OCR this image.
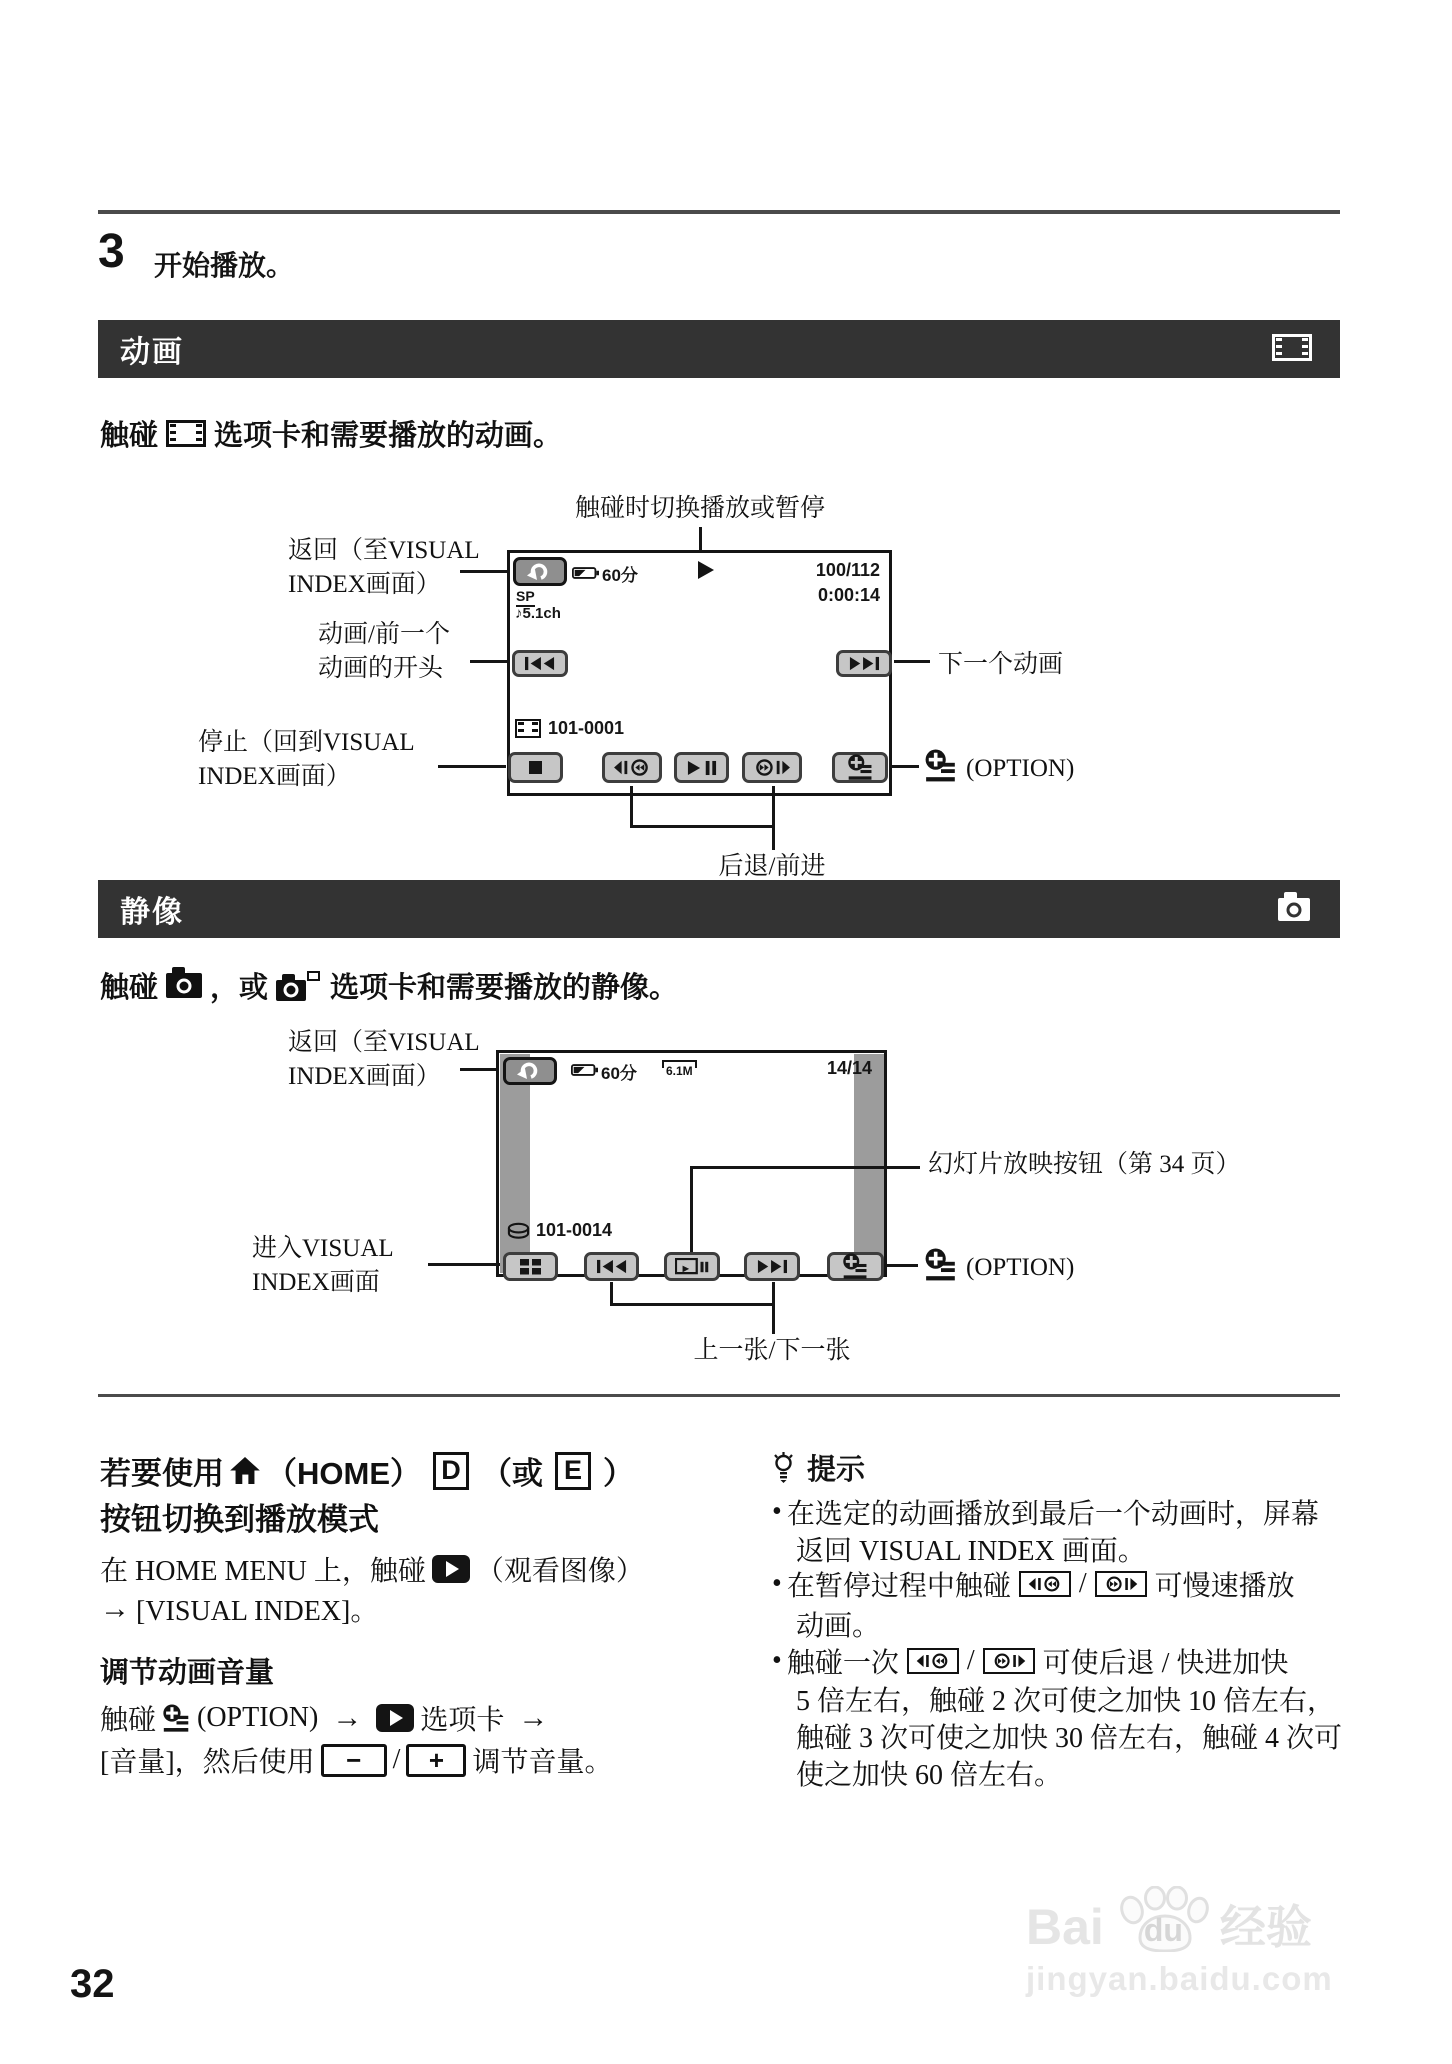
3 开始播放。
动画
触碰 选项卡和需要播放的动画。
触碰时切换播放或暂停
返回（至VISUAL
INDEX画面）
动画/前一个
动画的开头
停止（回到VISUAL
INDEX画面）
60分	100/112
0:00:14
SP
♪5.1ch
101-0001
下一个动画
(OPTION)
后退/前进
静像
触碰 ，或 选项卡和需要播放的静像。
返回（至VISUAL
INDEX画面）	60分	6.1M	14/14
101-0014
幻灯片放映按钮（第 34 页）
进入VISUAL
INDEX画面
(OPTION)
上一张/下一张
若要使用 （HOME） D （或 E ）
按钮切换到播放模式
在 HOME MENU 上，触碰 （观看图像）
→ [VISUAL INDEX]。
调节动画音量
触碰 (OPTION) → 选项卡 →
[音量]，然后使用	−	/	+	调节音量。
提示
• 在选定的动画播放到最后一个动画时，屏幕
返回 VISUAL INDEX 画面。
• 在暂停过程中触碰 / 可慢速播放
动画。
• 触碰一次 / 可使后退 / 快进加快
5 倍左右，触碰 2 次可使之加快 10 倍左右，
触碰 3 次可使之加快 30 倍左右，触碰 4 次可
使之加快 60 倍左右。
32
Bai du 经验
jingyan.baidu.com
